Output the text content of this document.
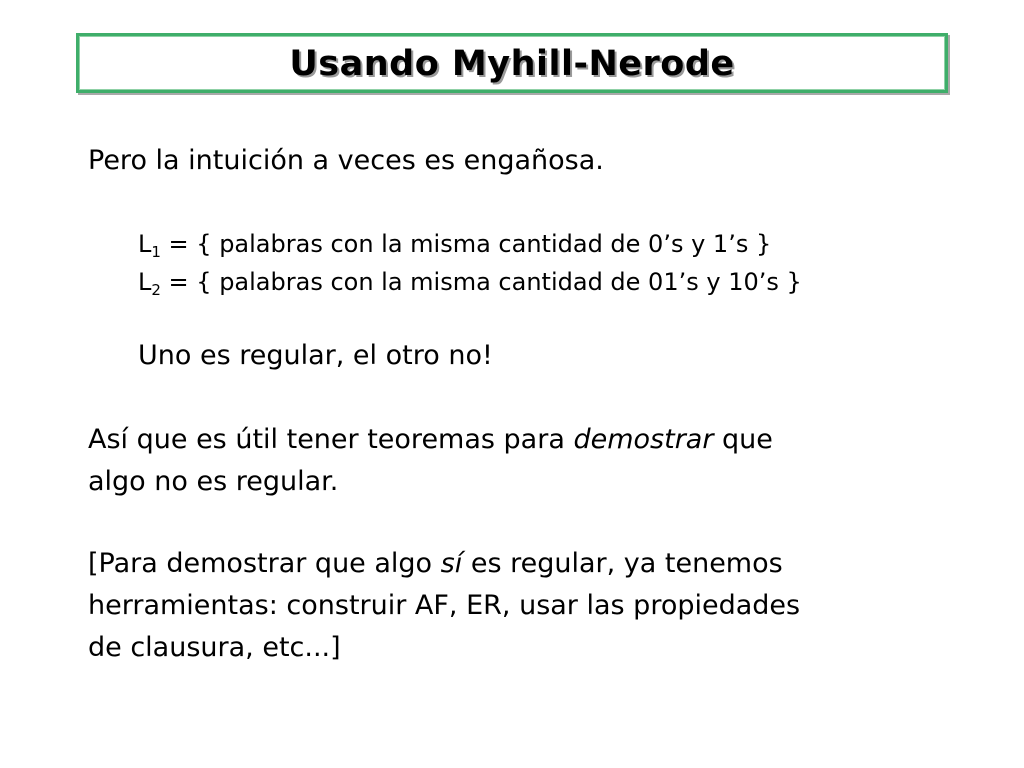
Usando Myhill-Nerode
Pero la intuición a veces es engañosa.
$L_1$ = { palabras con la misma cantidad de 0’s y 1’s }
$L_2$ = { palabras con la misma cantidad de 01’s y 10’s }
Uno es regular, el otro no!
Así que es útil tener teoremas para demostrar que
algo no es regular.
[Para demostrar que algo sí es regular, ya tenemos
herramientas: construir AF, ER, usar las propiedades
de clausura, etc...]
